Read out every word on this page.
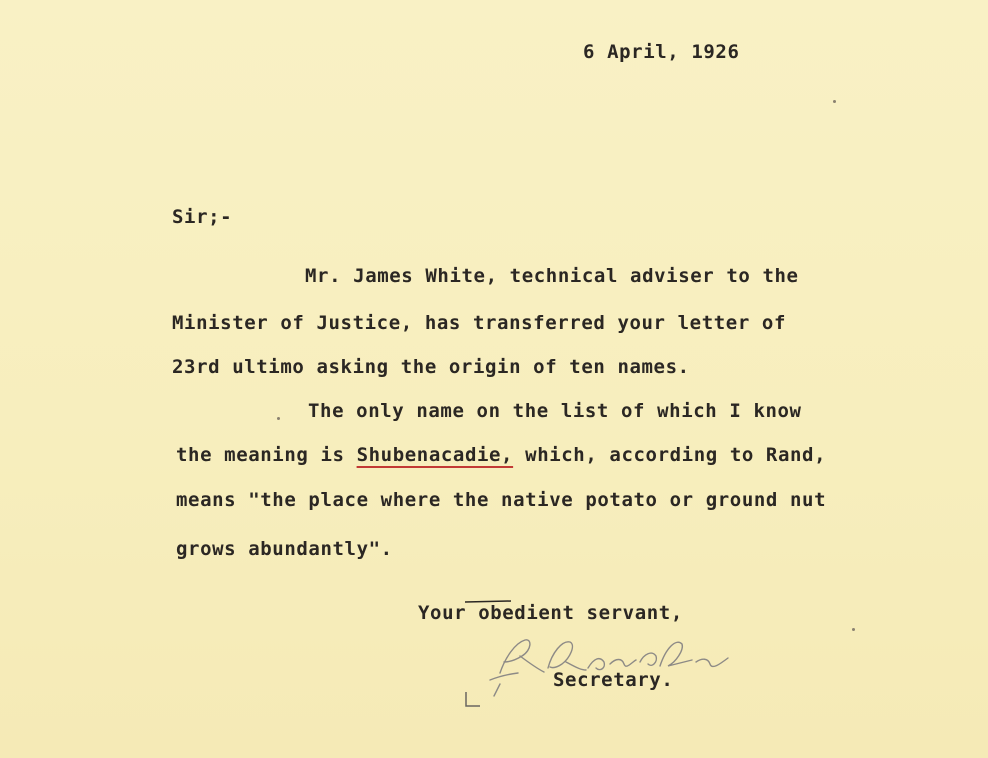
6 April, 1926
Sir;-
Mr. James White, technical adviser to the
Minister of Justice, has transferred your letter of
23rd ultimo asking the origin of ten names.
The only name on the list of which I know
the meaning is Shubenacadie, which, according to Rand,
means "the place where the native potato or ground nut
grows abundantly".
Your obedient servant,
Secretary.
